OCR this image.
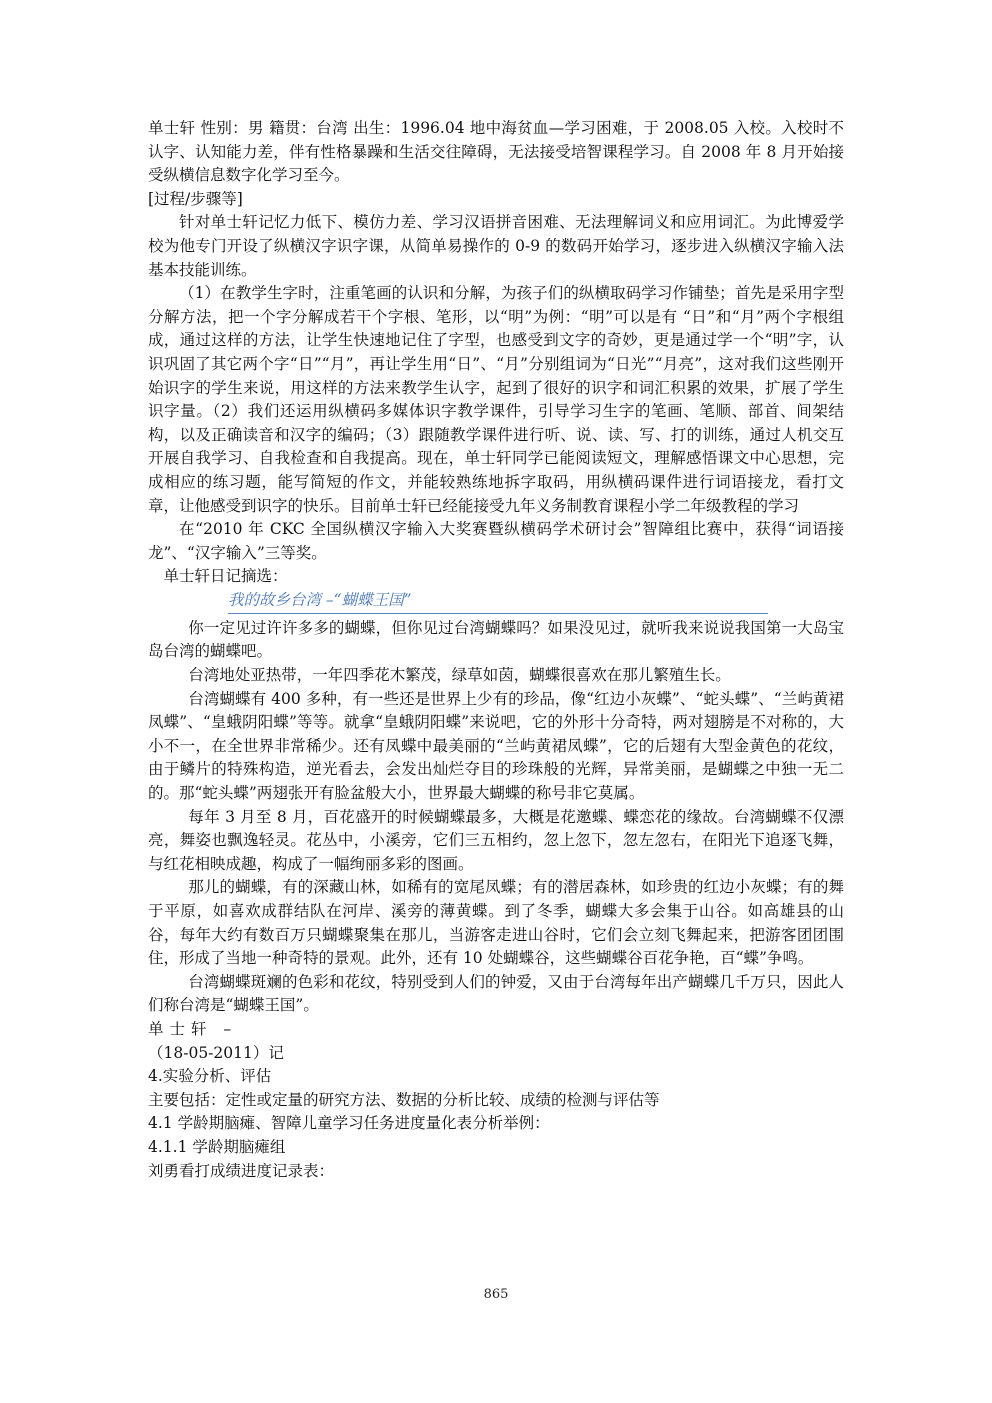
单士轩 性别：男 籍贯：台湾 出生：1996.04 地中海贫血—学习困难，于 2008.05 入校。入校时不认字、认知能力差，伴有性格暴躁和生活交往障碍，无法接受培智课程学习。自 2008 年 8 月开始接受纵横信息数字化学习至今。

[过程/步骤等]

针对单士轩记忆力低下、模仿力差、学习汉语拼音困难、无法理解词义和应用词汇。为此博爱学校为他专门开设了纵横汉字识字课，从简单易操作的 0-9 的数码开始学习，逐步进入纵横汉字输入法基本技能训练。

（1）在教学生字时，注重笔画的认识和分解，为孩子们的纵横取码学习作铺垫；首先是采用字型分解方法，把一个字分解成若干个字根、笔形，以“明”为例：“明”可以是有 “日”和“月”两个字根组成，通过这样的方法，让学生快速地记住了字型，也感受到文字的奇妙，更是通过学一个“明”字，认识巩固了其它两个字“日”“月”，再让学生用“日”、“月”分别组词为“日光”“月亮”，这对我们这些刚开始识字的学生来说，用这样的方法来教学生认字，起到了很好的识字和词汇积累的效果，扩展了学生识字量。（2）我们还运用纵横码多媒体识字教学课件，引导学习生字的笔画、笔顺、部首、间架结构，以及正确读音和汉字的编码；（3）跟随教学课件进行听、说、读、写、打的训练，通过人机交互开展自我学习、自我检查和自我提高。现在，单士轩同学已能阅读短文，理解感悟课文中心思想，完成相应的练习题，能写简短的作文，并能较熟练地拆字取码，用纵横码课件进行词语接龙，看打文章，让他感受到识字的快乐。目前单士轩已经能接受九年义务制教育课程小学二年级教程的学习

在“2010 年 CKC 全国纵横汉字输入大奖赛暨纵横码学术研讨会”智障组比赛中，获得“词语接龙”、“汉字输入”三等奖。

单士轩日记摘选：

我的故乡台湾 –“蝴蝶王国”

你一定见过许许多多的蝴蝶，但你见过台湾蝴蝶吗？如果没见过，就听我来说说我国第一大岛宝岛台湾的蝴蝶吧。

台湾地处亚热带，一年四季花木繁茂，绿草如茵，蝴蝶很喜欢在那儿繁殖生长。

台湾蝴蝶有 400 多种，有一些还是世界上少有的珍品，像“红边小灰蝶”、“蛇头蝶”、“兰屿黄裙凤蝶”、“皇蛾阴阳蝶”等等。就拿“皇蛾阴阳蝶”来说吧，它的外形十分奇特，两对翅膀是不对称的，大小不一，在全世界非常稀少。还有凤蝶中最美丽的“兰屿黄裙凤蝶”，它的后翅有大型金黄色的花纹，由于鳞片的特殊构造，逆光看去，会发出灿烂夺目的珍珠般的光辉，异常美丽，是蝴蝶之中独一无二的。那“蛇头蝶”两翅张开有脸盆般大小，世界最大蝴蝶的称号非它莫属。

每年 3 月至 8 月，百花盛开的时候蝴蝶最多，大概是花邀蝶、蝶恋花的缘故。台湾蝴蝶不仅漂亮，舞姿也飘逸轻灵。花丛中，小溪旁，它们三五相约，忽上忽下，忽左忽右，在阳光下追逐飞舞，与红花相映成趣，构成了一幅绚丽多彩的图画。

那儿的蝴蝶，有的深藏山林，如稀有的宽尾凤蝶；有的潜居森林，如珍贵的红边小灰蝶；有的舞于平原，如喜欢成群结队在河岸、溪旁的薄黄蝶。到了冬季，蝴蝶大多会集于山谷。如高雄县的山谷，每年大约有数百万只蝴蝶聚集在那儿，当游客走进山谷时，它们会立刻飞舞起来，把游客团团围住，形成了当地一种奇特的景观。此外，还有 10 处蝴蝶谷，这些蝴蝶谷百花争艳，百“蝶”争鸣。

台湾蝴蝶斑斓的色彩和花纹，特别受到人们的钟爱，又由于台湾每年出产蝴蝶几千万只，因此人们称台湾是“蝴蝶王国”。

单士轩 –

（18-05-2011）记

4.实验分析、评估

主要包括：定性或定量的研究方法、数据的分析比较、成绩的检测与评估等

4.1 学龄期脑瘫、智障儿童学习任务进度量化表分析举例：

4.1.1 学龄期脑瘫组

刘勇看打成绩进度记录表：

865
